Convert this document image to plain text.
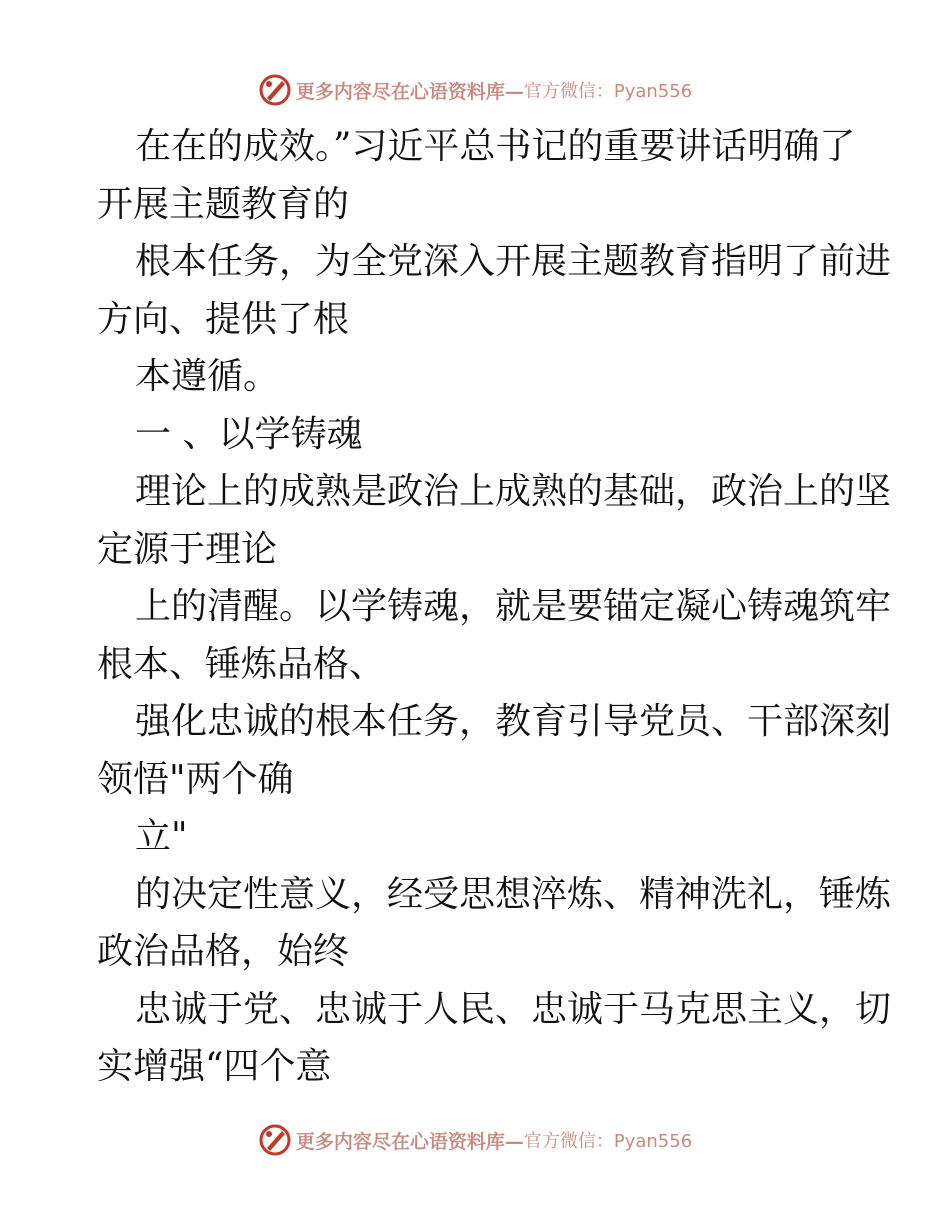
更多内容尽在心语资料库— 官方微信：Pyan556
在在的成效。”习近平总书记的重要讲话明确了
开展主题教育的
根本任务，为全党深入开展主题教育指明了前进
方向、提供了根
本遵循。
一 、以学铸魂
理论上的成熟是政治上成熟的基础，政治上的坚
定源于理论
上的清醒。以学铸魂，就是要锚定凝心铸魂筑牢
根本、锤炼品格、
强化忠诚的根本任务，教育引导党员、干部深刻
领悟"两个确
立"
的决定性意义，经受思想淬炼、精神洗礼，锤炼
政治品格，始终
忠诚于党、忠诚于人民、忠诚于马克思主义，切
实增强“四个意
更多内容尽在心语资料库— 官方微信：Pyan556
